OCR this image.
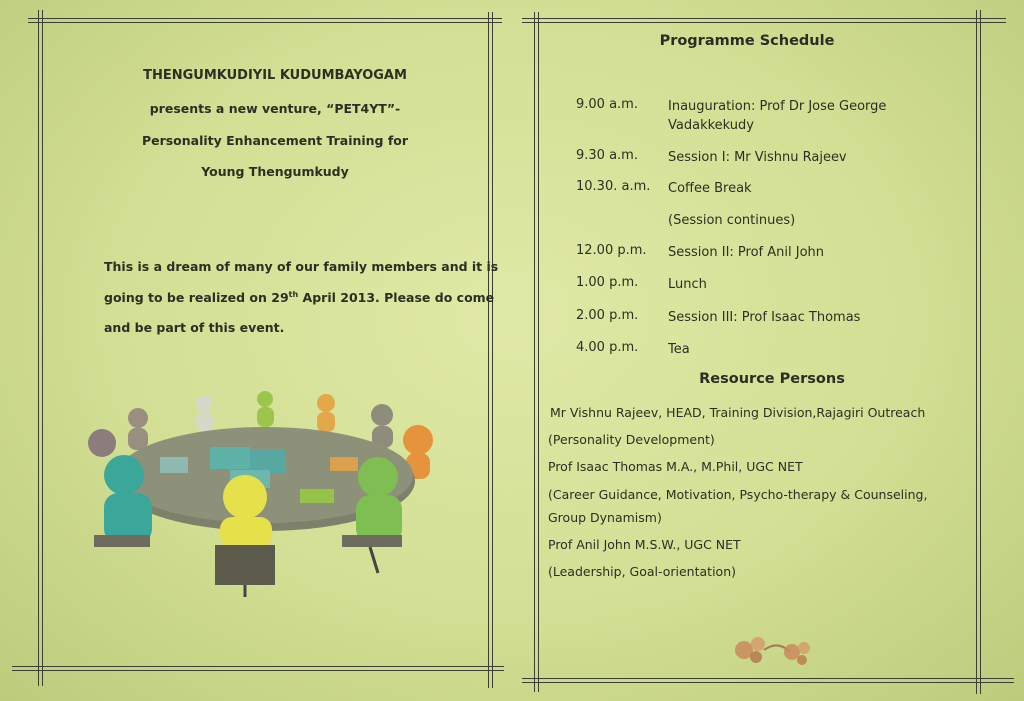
THENGUMKUDIYIL KUDUMBAYOGAM
presents a new venture, “PET4YT”-
Personality Enhancement Training for
Young Thengumkudy
This is a dream of many of our family members and it is
going to be realized on 29th April 2013. Please do come
and be part of this event.
Programme Schedule
9.00 a.m. Inauguration: Prof Dr Jose George Vadakkekudy
9.30 a.m. Session I: Mr Vishnu Rajeev
10.30. a.m. Coffee Break
(Session continues)
12.00 p.m. Session II: Prof Anil John
1.00 p.m. Lunch
2.00 p.m. Session III: Prof Isaac Thomas
4.00 p.m. Tea
Resource Persons
Mr Vishnu Rajeev, HEAD, Training Division,Rajagiri Outreach
(Personality Development)
Prof Isaac Thomas M.A., M.Phil, UGC NET
(Career Guidance, Motivation, Psycho-therapy & Counseling,
Group Dynamism)
Prof Anil John M.S.W., UGC NET
(Leadership, Goal-orientation)
